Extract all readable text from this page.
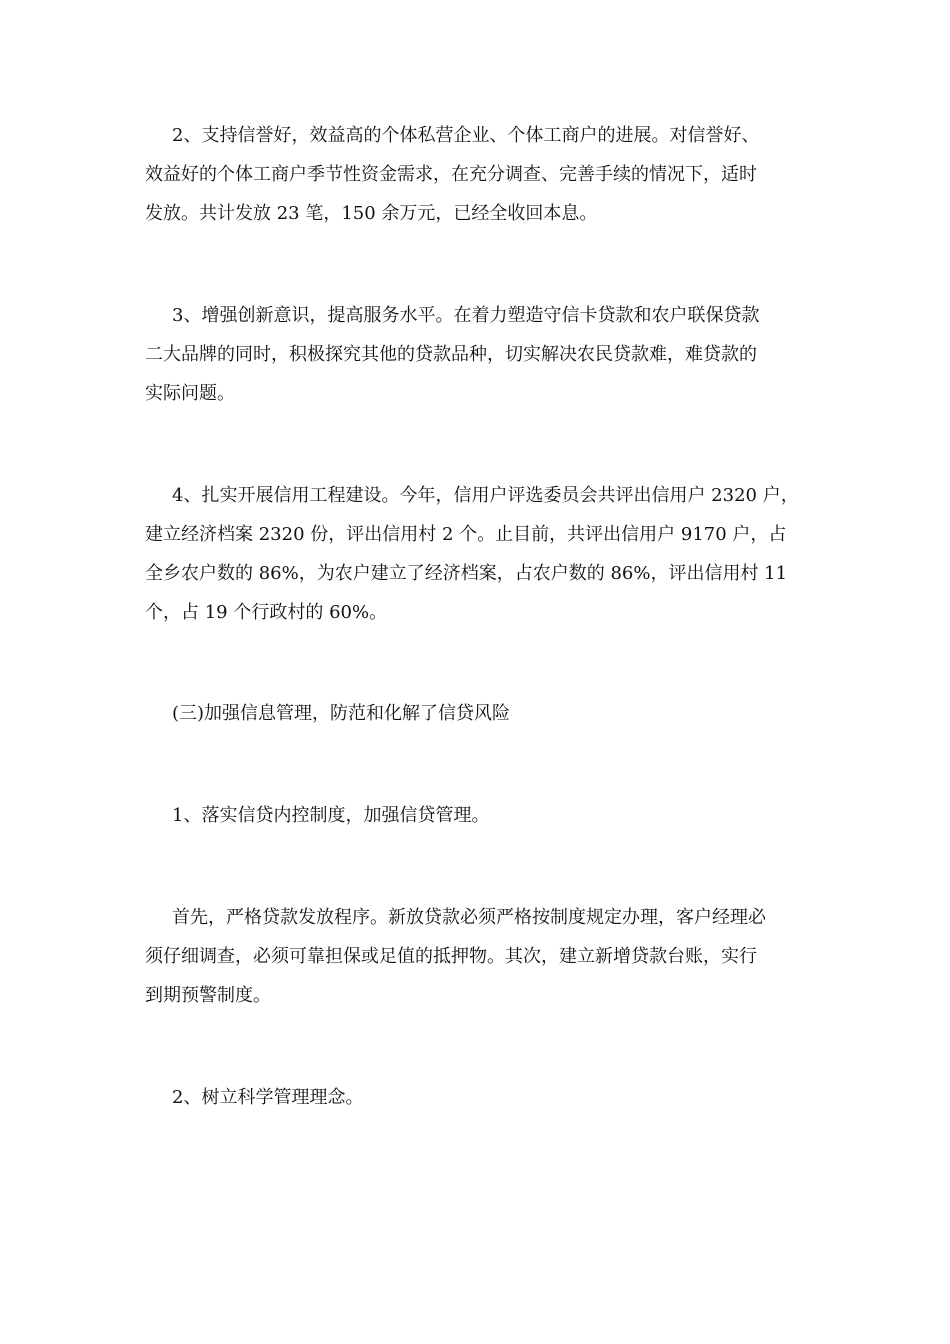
2、支持信誉好，效益高的个体私营企业、个体工商户的进展。对信誉好、
效益好的个体工商户季节性资金需求，在充分调查、完善手续的情况下，适时
发放。共计发放 23 笔，150 余万元，已经全收回本息。
3、增强创新意识，提高服务水平。在着力塑造守信卡贷款和农户联保贷款
二大品牌的同时，积极探究其他的贷款品种，切实解决农民贷款难，难贷款的
实际问题。
4、扎实开展信用工程建设。今年，信用户评选委员会共评出信用户 2320 户，
建立经济档案 2320 份，评出信用村 2 个。止目前，共评出信用户 9170 户，占
全乡农户数的 86%，为农户建立了经济档案，占农户数的 86%，评出信用村 11
个，占 19 个行政村的 60%。
(三)加强信息管理，防范和化解了信贷风险
1、落实信贷内控制度，加强信贷管理。
首先，严格贷款发放程序。新放贷款必须严格按制度规定办理，客户经理必
须仔细调查，必须可靠担保或足值的抵押物。其次，建立新增贷款台账，实行
到期预警制度。
2、树立科学管理理念。
